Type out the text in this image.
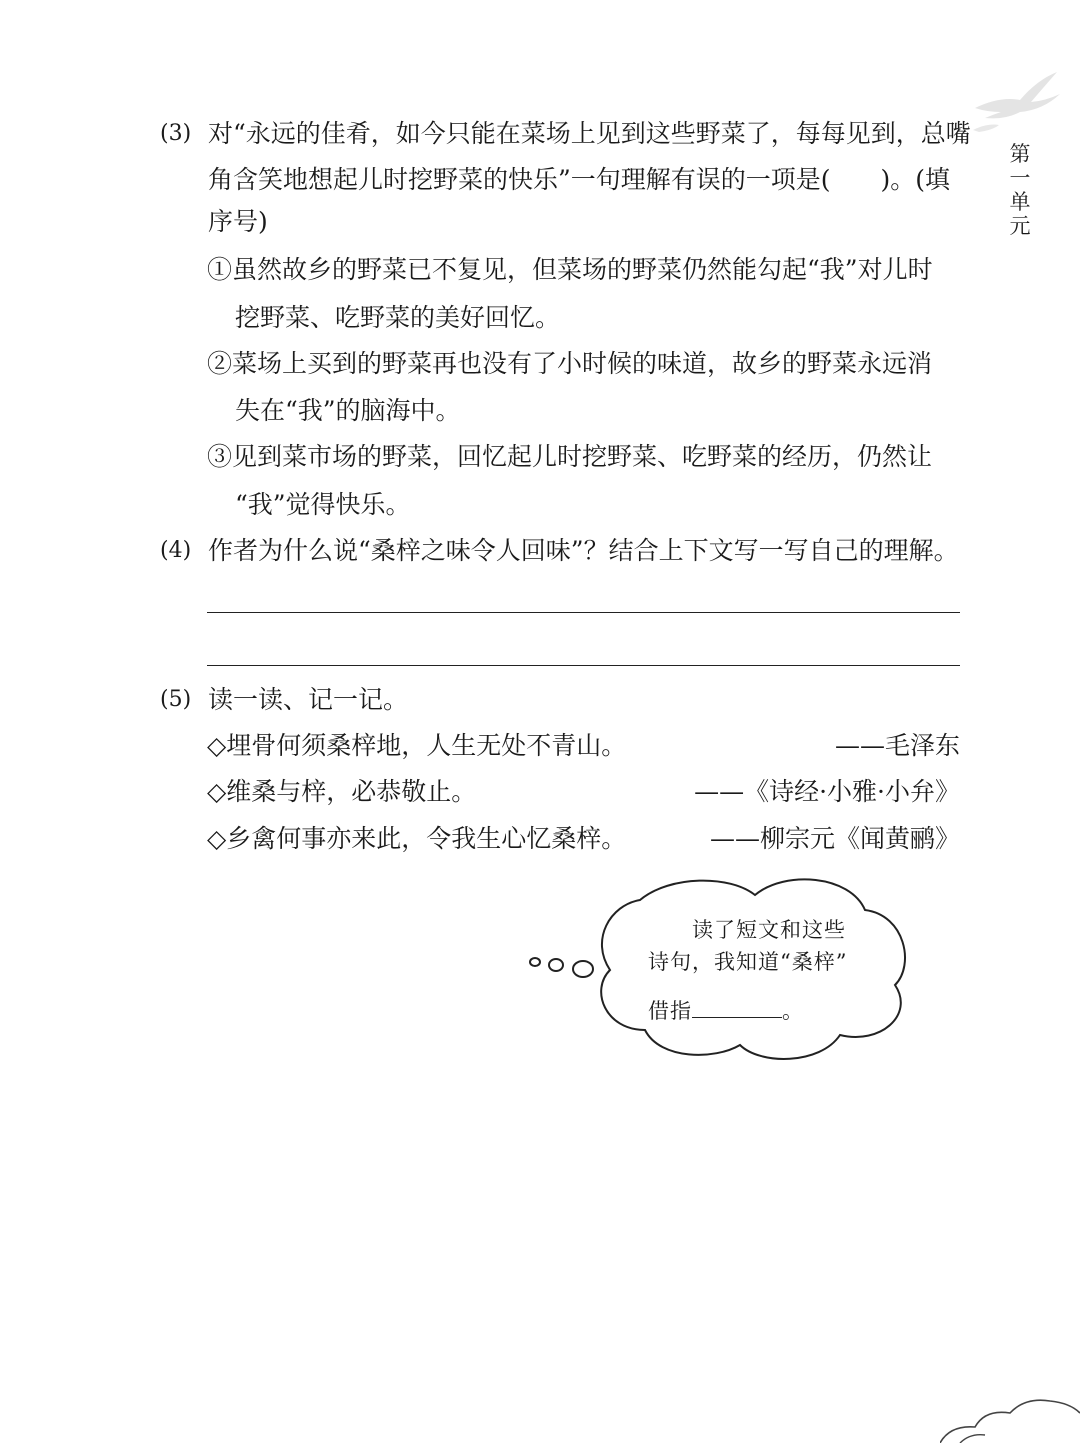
第
一
单
元
(3) 对“永远的佳肴，如今只能在菜场上见到这些野菜了，每每见到，总嘴
角含笑地想起儿时挖野菜的快乐”一句理解有误的一项是(　　)。(填
序号)
①虽然故乡的野菜已不复见，但菜场的野菜仍然能勾起“我”对儿时
挖野菜、吃野菜的美好回忆。
②菜场上买到的野菜再也没有了小时候的味道，故乡的野菜永远消
失在“我”的脑海中。
③见到菜市场的野菜，回忆起儿时挖野菜、吃野菜的经历，仍然让
“我”觉得快乐。
(4) 作者为什么说“桑梓之味令人回味”？结合上下文写一写自己的理解。
(5) 读一读、记一记。
◇埋骨何须桑梓地，人生无处不青山。	——毛泽东
◇维桑与梓，必恭敬止。	——《诗经·小雅·小弁》
◇乡禽何事亦来此，令我生心忆桑梓。	——柳宗元《闻黄鹂》
读了短文和这些
诗句，我知道“桑梓”
借指	。
